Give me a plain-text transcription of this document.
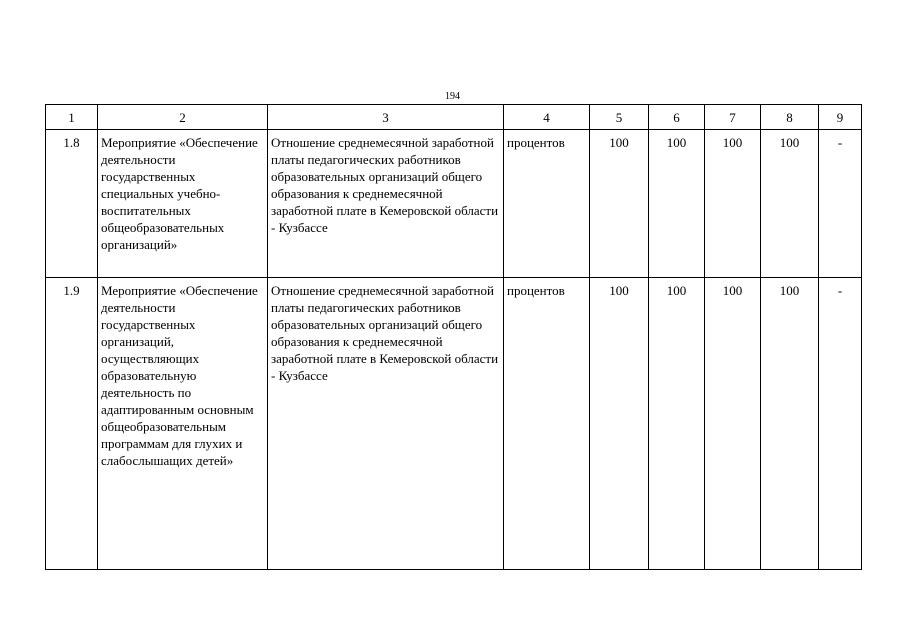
194
1	2	3	4	5	6	7	8	9
1.8	Мероприятие «Обеспечение деятельности государственных специальных учебно-воспитательных общеобразовательных организаций»	Отношение среднемесячной заработной платы педагогических работников образовательных организаций общего образования к среднемесячной заработной плате в Кемеровской области - Кузбассе	процентов	100	100	100	100	-
1.9	Мероприятие «Обеспечение деятельности государственных организаций, осуществляющих образовательную деятельность по адаптированным основным общеобразовательным программам для глухих и слабослышащих детей»	Отношение среднемесячной заработной платы педагогических работников образовательных организаций общего образования к среднемесячной заработной плате в Кемеровской области - Кузбассе	процентов	100	100	100	100	-
